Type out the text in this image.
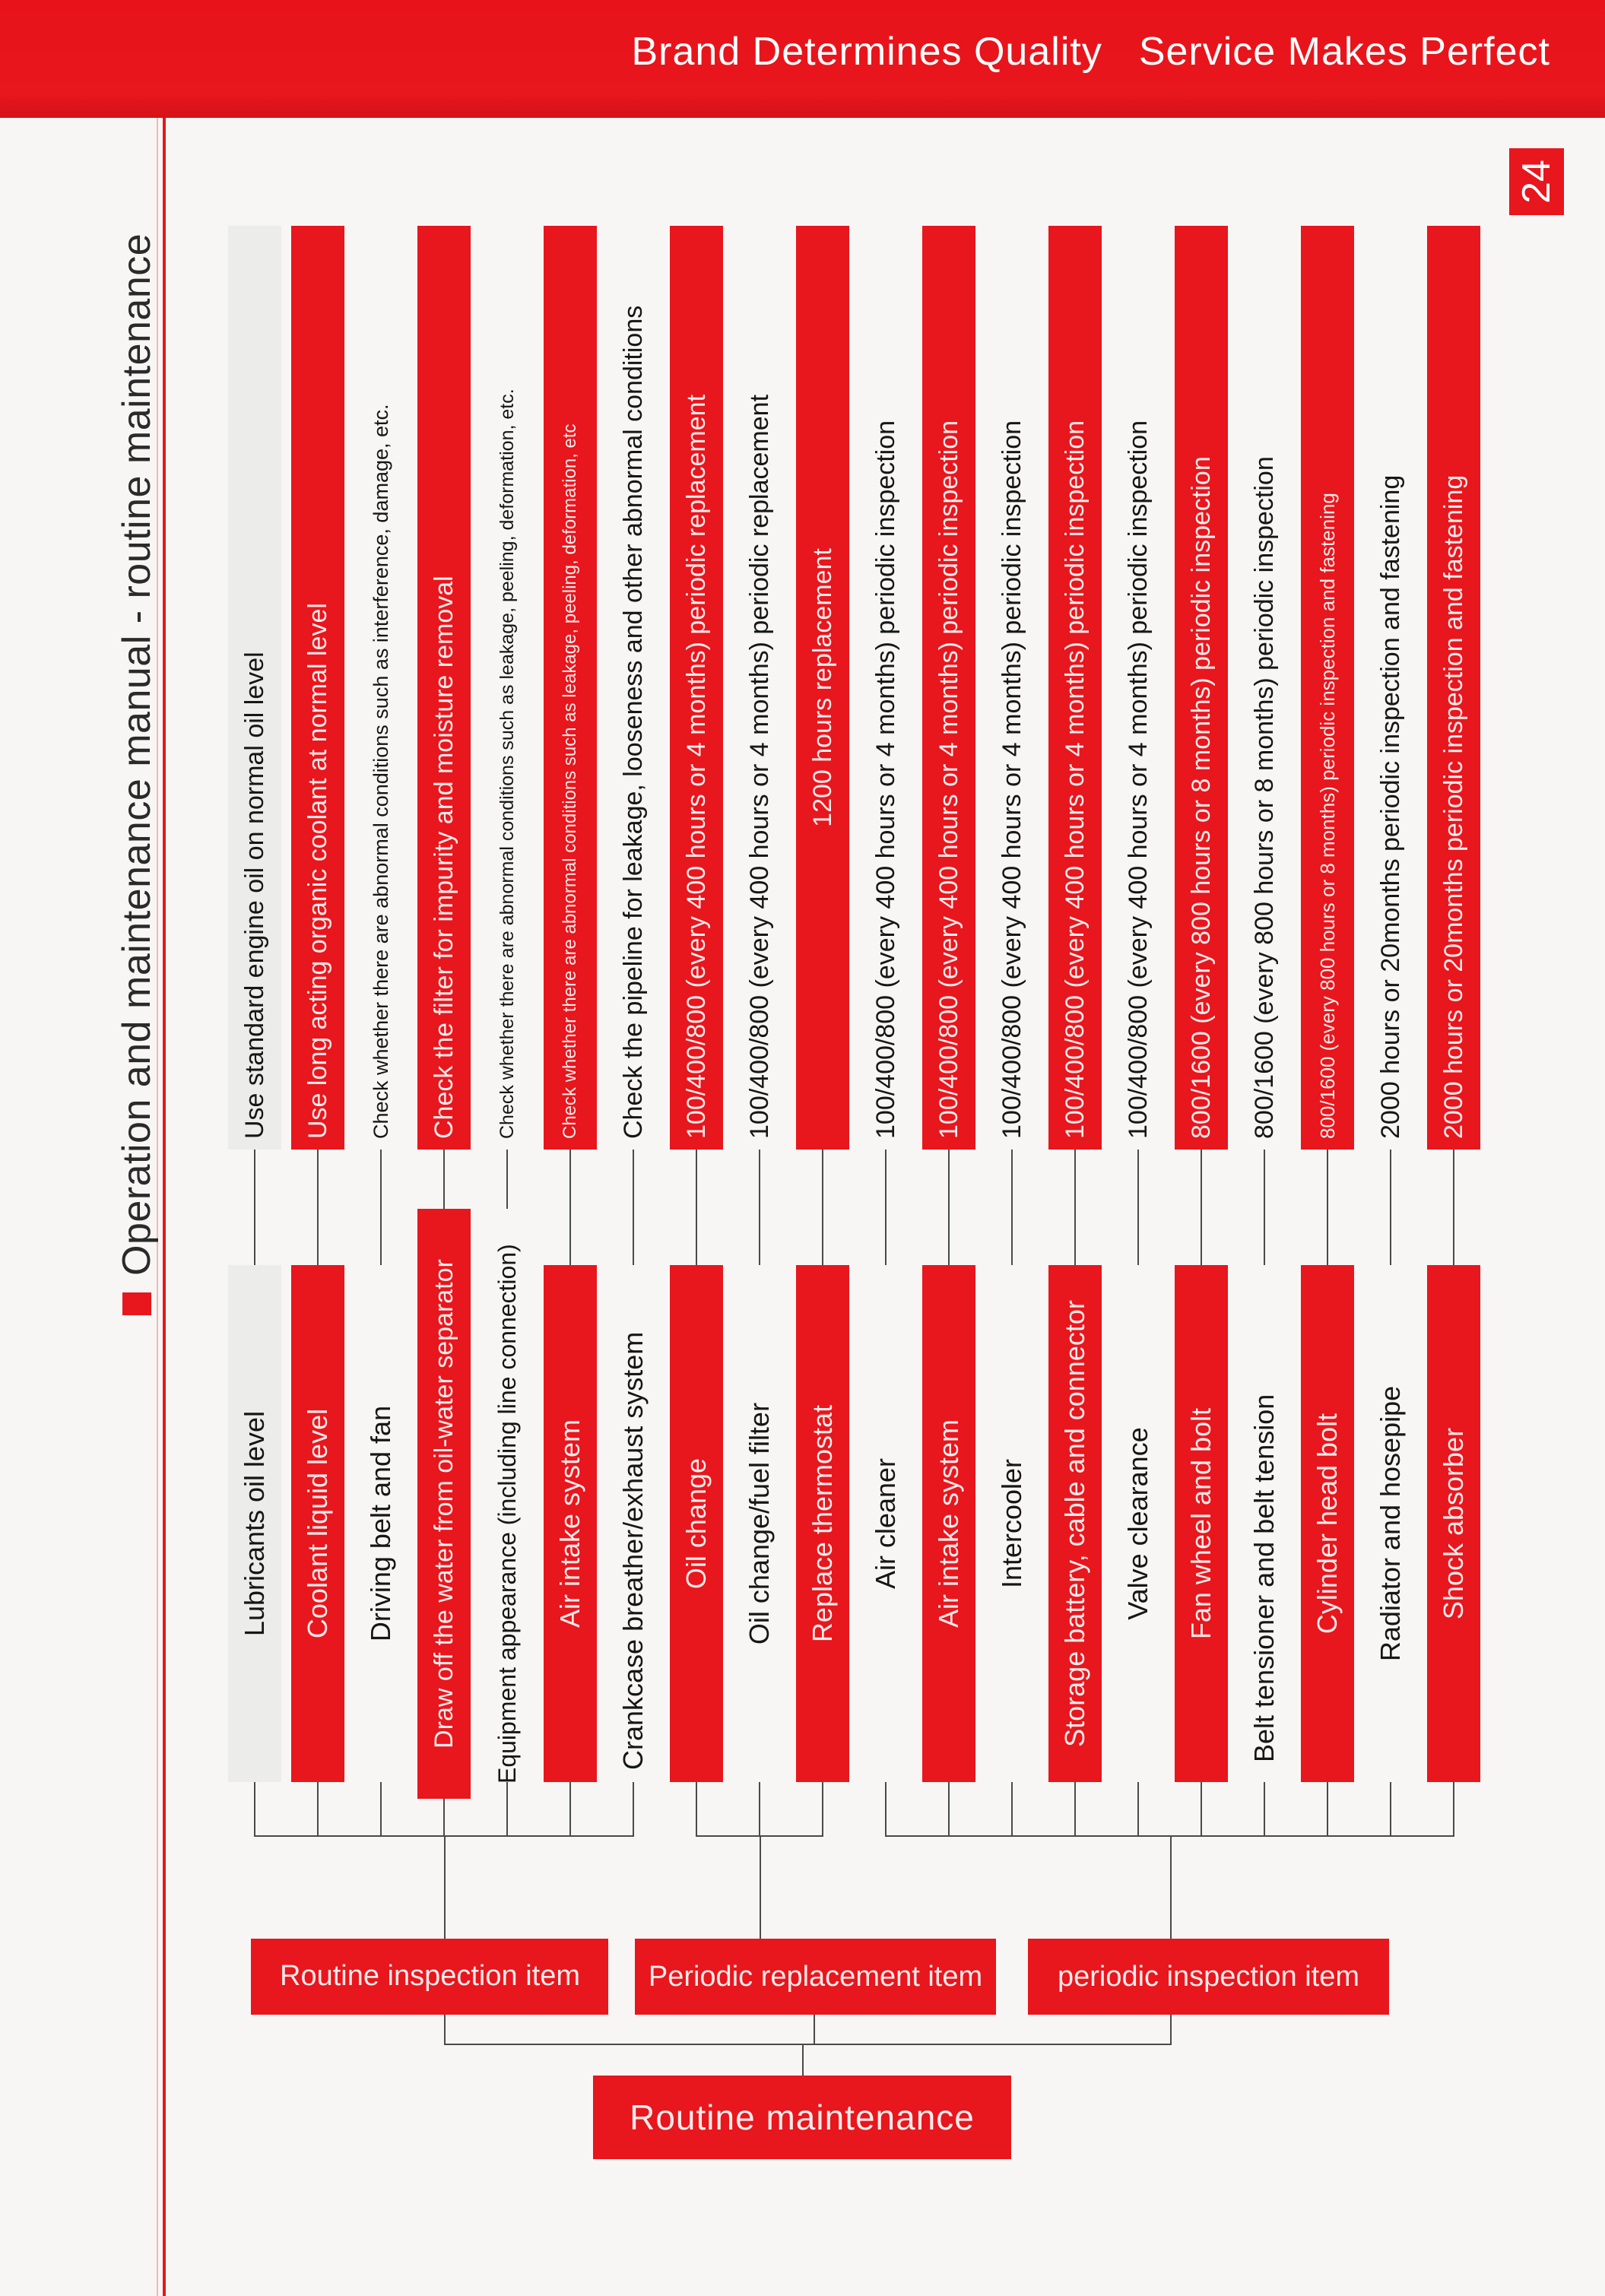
Brand Determines Quality Service Makes Perfect
24
Operation and maintenance manual - routine maintenance
Lubricants oil level
Use standard engine oil on normal oil level
Coolant liquid level
Use long acting organic coolant at normal level
Driving belt and fan
Check whether there are abnormal conditions such as interference, damage, etc.
Draw off the water from oil-water separator
Check the filter for impurity and moisture removal
Equipment appearance (including line connection)
Check whether there are abnormal conditions such as leakage, peeling, deformation, etc.
Air intake system
Check whether there are abnormal conditions such as leakage, peeling, deformation, etc
Crankcase breather/exhaust system
Check the pipeline for leakage, looseness and other abnormal conditions
Oil change
100/400/800 (every 400 hours or 4 months) periodic replacement
Oil change/fuel filter
100/400/800 (every 400 hours or 4 months) periodic replacement
Replace thermostat
1200 hours replacement
Air cleaner
100/400/800 (every 400 hours or 4 months) periodic inspection
Air intake system
100/400/800 (every 400 hours or 4 months) periodic inspection
Intercooler
100/400/800 (every 400 hours or 4 months) periodic inspection
Storage battery, cable and connector
100/400/800 (every 400 hours or 4 months) periodic inspection
Valve clearance
100/400/800 (every 400 hours or 4 months) periodic inspection
Fan wheel and bolt
800/1600 (every 800 hours or 8 months) periodic inspection
Belt tensioner and belt tension
800/1600 (every 800 hours or 8 months) periodic inspection
Cylinder head bolt
800/1600 (every 800 hours or 8 months) periodic inspection and fastening
Radiator and hosepipe
2000 hours or 20months periodic inspection and fastening
Shock absorber
2000 hours or 20months periodic inspection and fastening
Routine inspection item Periodic replacement item	periodic inspection item
Routine maintenance
